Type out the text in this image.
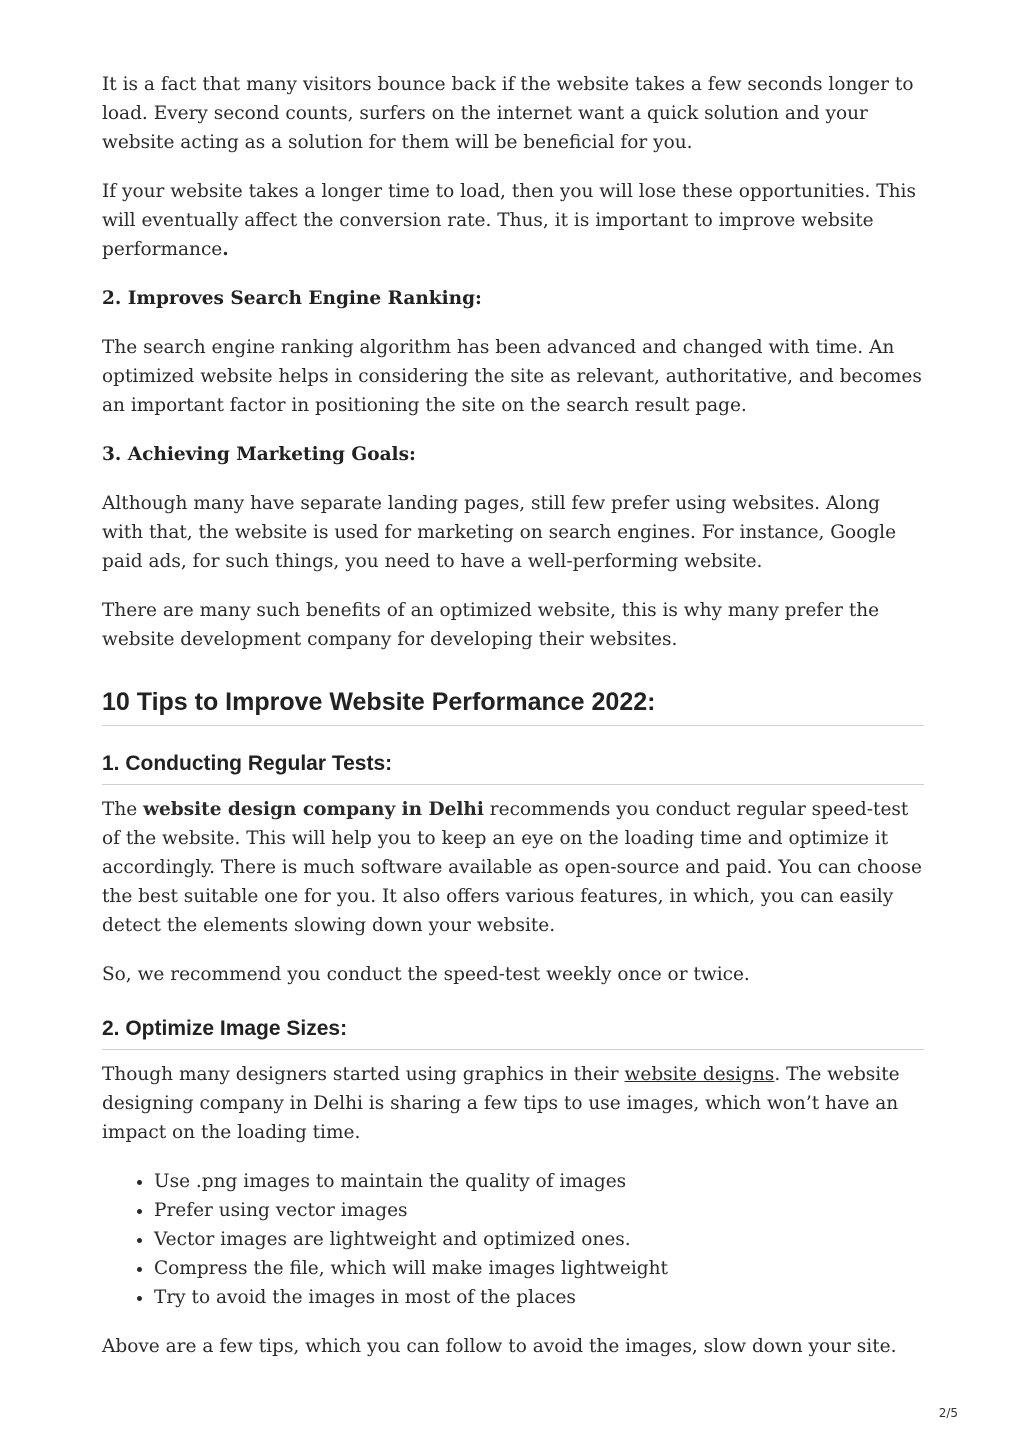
It is a fact that many visitors bounce back if the website takes a few seconds longer to load. Every second counts, surfers on the internet want a quick solution and your website acting as a solution for them will be beneficial for you.

If your website takes a longer time to load, then you will lose these opportunities. This will eventually affect the conversion rate. Thus, it is important to improve website performance.

2. Improves Search Engine Ranking:

The search engine ranking algorithm has been advanced and changed with time. An optimized website helps in considering the site as relevant, authoritative, and becomes an important factor in positioning the site on the search result page.

3. Achieving Marketing Goals:

Although many have separate landing pages, still few prefer using websites. Along with that, the website is used for marketing on search engines. For instance, Google paid ads, for such things, you need to have a well-performing website.

There are many such benefits of an optimized website, this is why many prefer the website development company for developing their websites.

10 Tips to Improve Website Performance 2022:
1. Conducting Regular Tests:

The website design company in Delhi recommends you conduct regular speed-test of the website. This will help you to keep an eye on the loading time and optimize it accordingly. There is much software available as open-source and paid. You can choose the best suitable one for you. It also offers various features, in which, you can easily detect the elements slowing down your website.

So, we recommend you conduct the speed-test weekly once or twice.

2. Optimize Image Sizes:

Though many designers started using graphics in their website designs. The website designing company in Delhi is sharing a few tips to use images, which won’t have an impact on the loading time.

• Use .png images to maintain the quality of images
• Prefer using vector images
• Vector images are lightweight and optimized ones.
• Compress the file, which will make images lightweight
• Try to avoid the images in most of the places

Above are a few tips, which you can follow to avoid the images, slow down your site.

2/5
